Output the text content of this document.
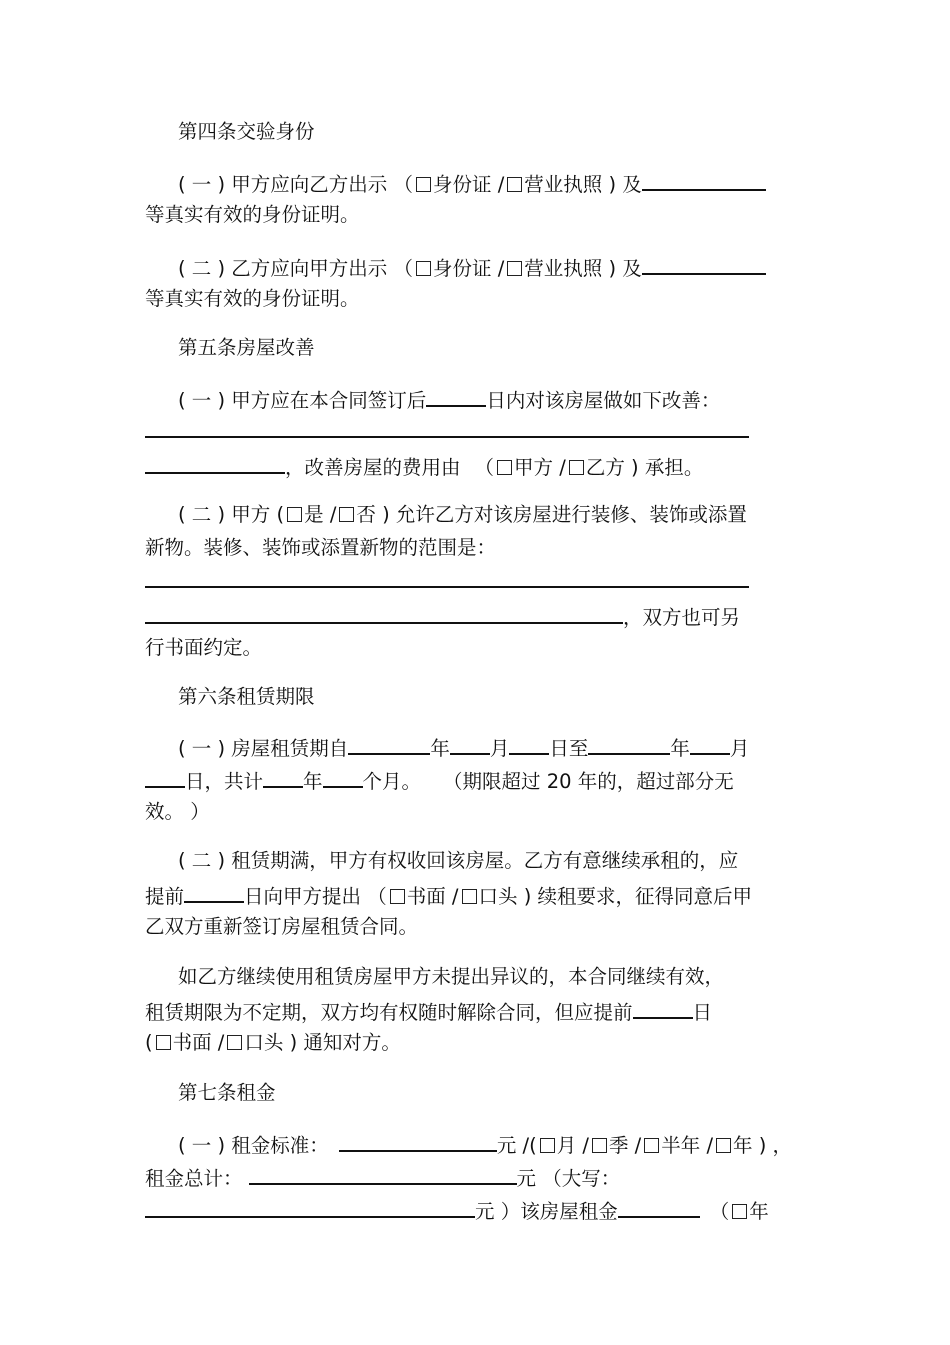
第四条交验身份
( 一 ) 甲方应向乙方出示 （ 身份证 / 营业执照 ) 及
等真实有效的身份证明。
( 二 ) 乙方应向甲方出示 （ 身份证 / 营业执照 ) 及
等真实有效的身份证明。
第五条房屋改善
( 一 ) 甲方应在本合同签订后	日内对该房屋做如下改善：
，改善房屋的费用由 （ 甲方 / 乙方 ) 承担。
( 二 ) 甲方 ( 是 / 否 ) 允许乙方对该房屋进行装修、装饰或添置
新物。装修、装饰或添置新物的范围是：
，双方也可另
行书面约定。
第六条租赁期限
( 一 ) 房屋租赁期自	年 月 日至	年 月
日，共计 年 个月。 （期限超过 20 年的，超过部分无
效。 ）
( 二 ) 租赁期满，甲方有权收回该房屋。乙方有意继续承租的，应
提前	日向甲方提出 （ 书面 / 口头 ) 续租要求，征得同意后甲
乙双方重新签订房屋租赁合同。
如乙方继续使用租赁房屋甲方未提出异议的，本合同继续有效，
租赁期限为不定期，双方均有权随时解除合同，但应提前	日
( 书面 / 口头 ) 通知对方。
第七条租金
( 一 ) 租金标准：	元 /( 月 / 季 / 半年 / 年 ) ，
租金总计：	元 （大写：
元 ）该房屋租金	（ 年
